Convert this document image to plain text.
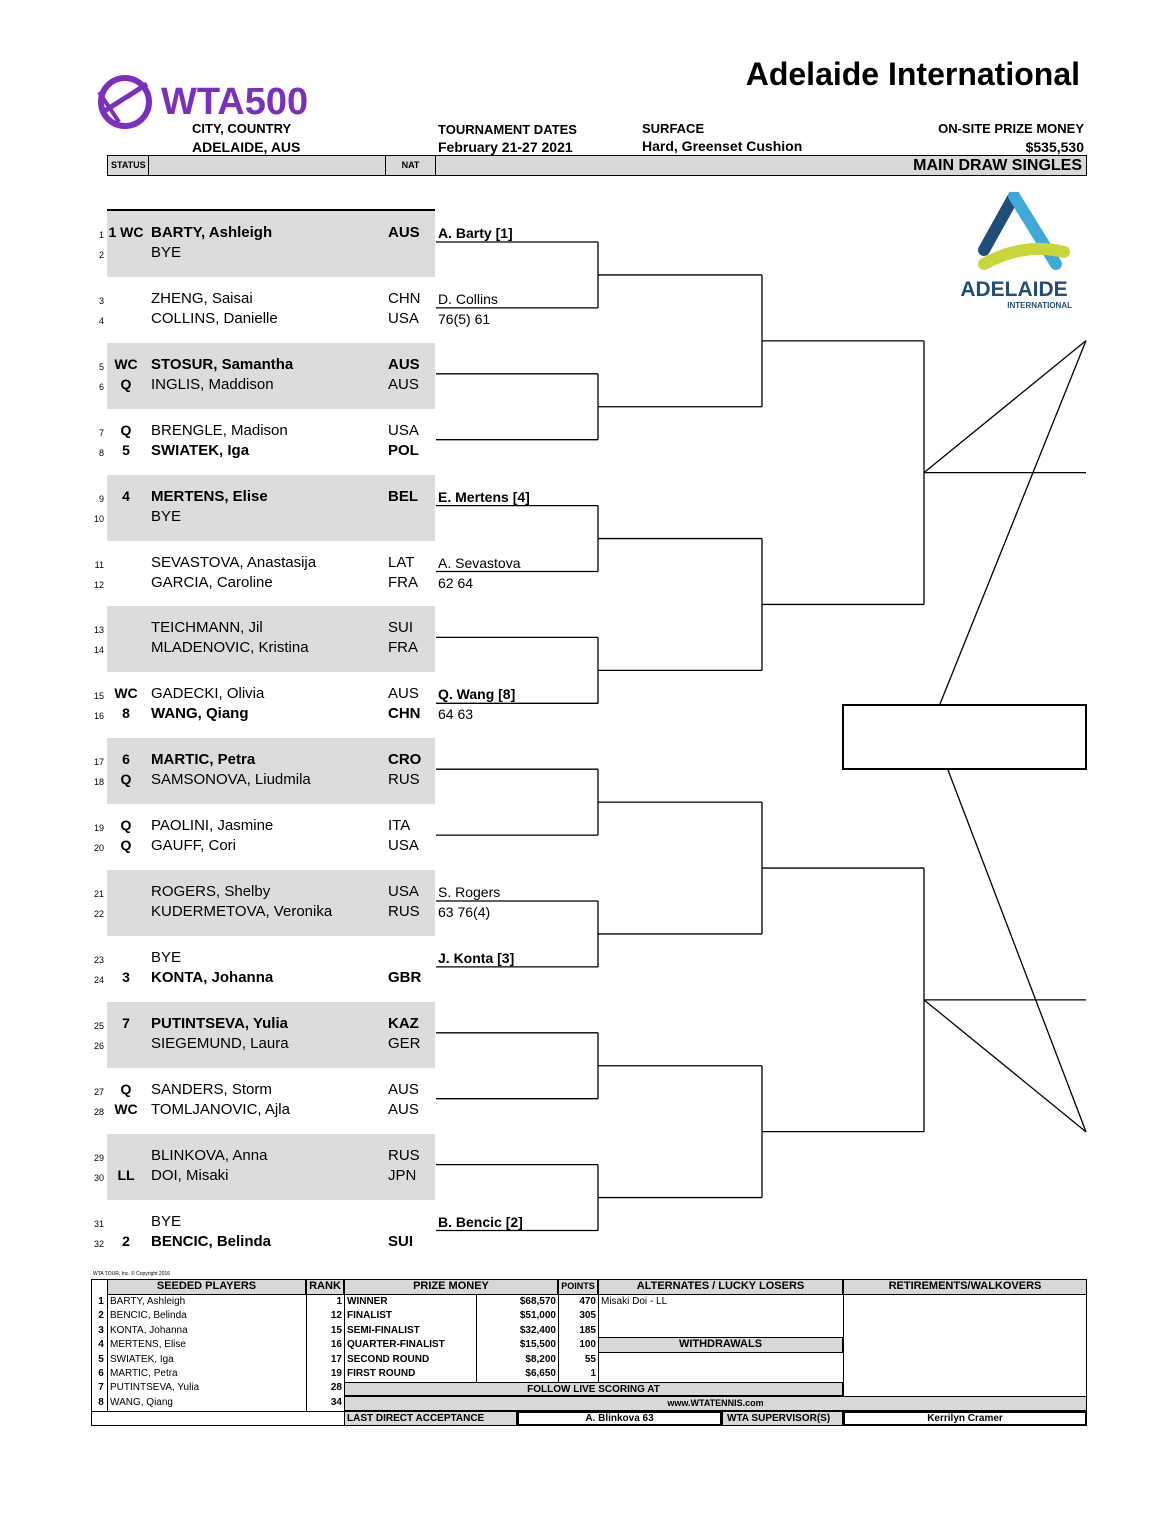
WTA500
Adelaide International
CITY, COUNTRY
ADELAIDE, AUS
TOURNAMENT DATES
February 21-27 2021
SURFACE
Hard, Greenset Cushion
ON-SITE PRIZE MONEY
$535,530
STATUS	NAT	MAIN DRAW SINGLES
ADELAIDE
INTERNATIONAL
1 1 WC BARTY, Ashleigh	AUS
2	BYE
3	ZHENG, Saisai	CHN
4	COLLINS, Danielle	USA
5 WC STOSUR, Samantha	AUS
6	Q	INGLIS, Maddison	AUS
7	Q	BRENGLE, Madison	USA
8	5	SWIATEK, Iga	POL
9	4	MERTENS, Elise	BEL
10	BYE
11	SEVASTOVA, Anastasija	LAT
12	GARCIA, Caroline	FRA
13	TEICHMANN, Jil	SUI
14	MLADENOVIC, Kristina	FRA
15 WC GADECKI, Olivia	AUS
16	8	WANG, Qiang	CHN
17	6	MARTIC, Petra	CRO
18	Q	SAMSONOVA, Liudmila	RUS
19	Q	PAOLINI, Jasmine	ITA
20	Q	GAUFF, Cori	USA
21	ROGERS, Shelby	USA
22	KUDERMETOVA, Veronika	RUS
23	BYE
24	3	KONTA, Johanna	GBR
25	7	PUTINTSEVA, Yulia	KAZ
26	SIEGEMUND, Laura	GER
27	Q	SANDERS, Storm	AUS
28 WC TOMLJANOVIC, Ajla	AUS
29	BLINKOVA, Anna	RUS
30 LL	DOI, Misaki	JPN
31	BYE
32	2	BENCIC, Belinda	SUI
A. Barty [1]
D. Collins
76(5) 61
E. Mertens [4]
A. Sevastova
62 64
Q. Wang [8]
64 63
S. Rogers
63 76(4)
J. Konta [3]
B. Bencic [2]
WTA TOUR, Inc. © Copyright 2016
SEEDED PLAYERS	RANK	PRIZE MONEY	POINTS	ALTERNATES / LUCKY LOSERS	RETIREMENTS/WALKOVERS
WITHDRAWALS
1 BARTY, Ashleigh	1
2 BENCIC, Belinda	12
3 KONTA, Johanna	15
4 MERTENS, Elise	16
5 SWIATEK, Iga	17
6 MARTIC, Petra	19
7 PUTINTSEVA, Yulia	28
8 WANG, Qiang	34
WINNER	$68,570	470
FINALIST	$51,000	305
SEMI-FINALIST	$32,400	185
QUARTER-FINALIST	$15,500	100
SECOND ROUND	$8,200	55
FIRST ROUND	$6,650	1
Misaki Doi - LL
FOLLOW LIVE SCORING AT
www.WTATENNIS.com
LAST DIRECT ACCEPTANCE	A. Blinkova 63	WTA SUPERVISOR(S)	Kerrilyn Cramer
